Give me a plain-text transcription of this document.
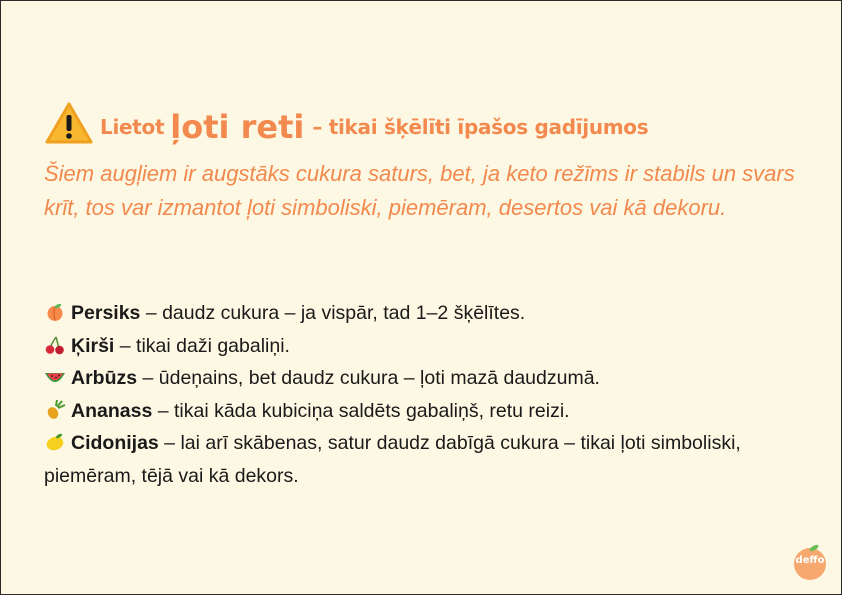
Lietot ļoti reti – tikai šķēlīti īpašos gadījumos

Šiem augļiem ir augstāks cukura saturs, bet, ja keto režīms ir stabils un svars krīt, tos var izmantot ļoti simboliski, piemēram, desertos vai kā dekoru.

Persiks – daudz cukura – ja vispār, tad 1–2 šķēlītes.
Ķirši – tikai daži gabaliņi.
Arbūzs – ūdeņains, bet daudz cukura – ļoti mazā daudzumā.
Ananass – tikai kāda kubiciņa saldēts gabaliņš, retu reizi.
Cidonijas – lai arī skābenas, satur daudz dabīgā cukura – tikai ļoti simboliski, piemēram, tējā vai kā dekors.
deffo
